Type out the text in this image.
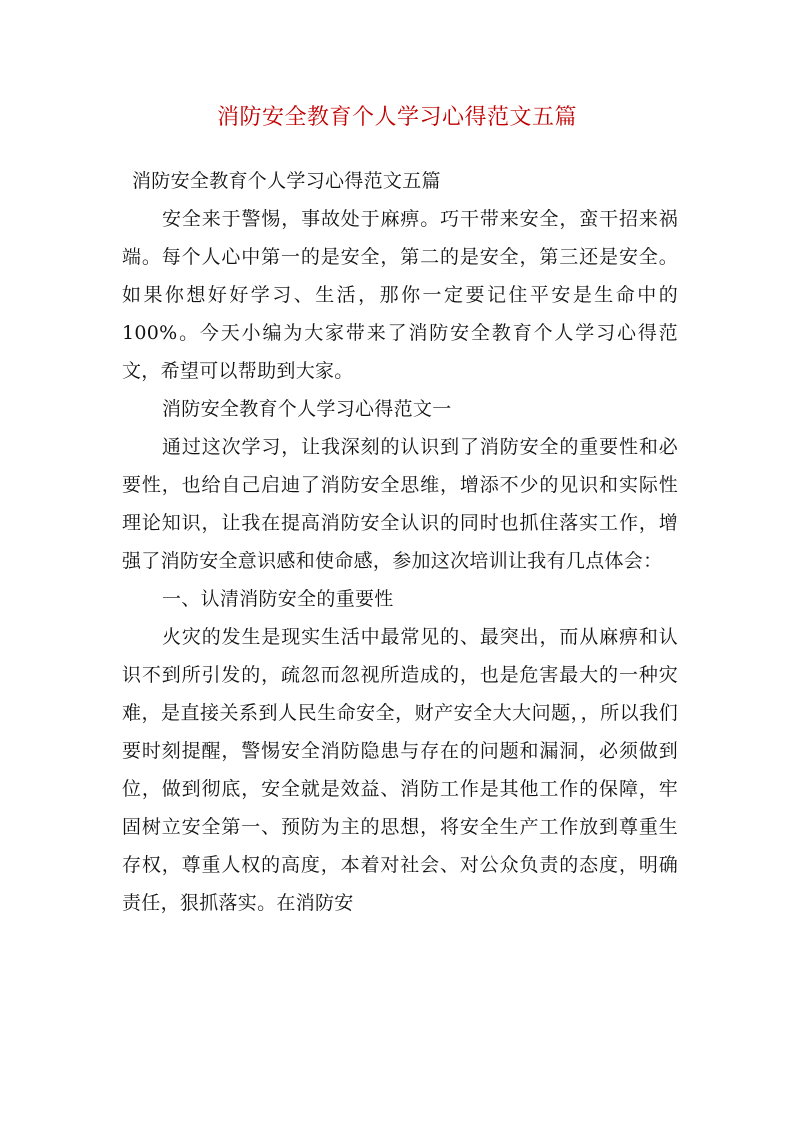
消防安全教育个人学习心得范文五篇

消防安全教育个人学习心得范文五篇

安全来于警惕，事故处于麻痹。巧干带来安全，蛮干招来祸端。每个人心中第一的是安全，第二的是安全，第三还是安全。如果你想好好学习、生活，那你一定要记住平安是生命中的100%。今天小编为大家带来了消防安全教育个人学习心得范文，希望可以帮助到大家。

消防安全教育个人学习心得范文一

通过这次学习，让我深刻的认识到了消防安全的重要性和必要性，也给自己启迪了消防安全思维，增添不少的见识和实际性理论知识，让我在提高消防安全认识的同时也抓住落实工作，增强了消防安全意识感和使命感，参加这次培训让我有几点体会：

一、认清消防安全的重要性

火灾的发生是现实生活中最常见的、最突出，而从麻痹和认识不到所引发的，疏忽而忽视所造成的，也是危害最大的一种灾难，是直接关系到人民生命安全，财产安全大大问题，，所以我们要时刻提醒，警惕安全消防隐患与存在的问题和漏洞，必须做到位，做到彻底，安全就是效益、消防工作是其他工作的保障，牢固树立安全第一、预防为主的思想，将安全生产工作放到尊重生存权，尊重人权的高度，本着对社会、对公众负责的态度，明确责任，狠抓落实。在消防安
